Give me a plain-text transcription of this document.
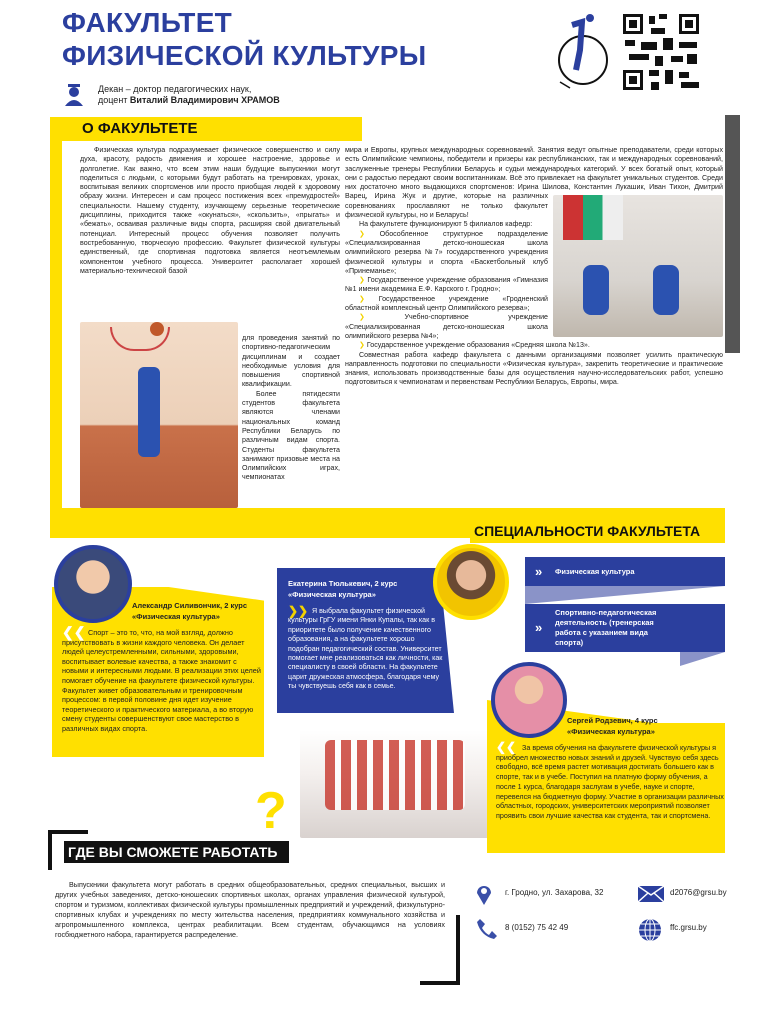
ФАКУЛЬТЕТ
ФИЗИЧЕСКОЙ КУЛЬТУРЫ
Декан – доктор педагогических наук,
доцент Виталий Владимирович ХРАМОВ
О ФАКУЛЬТЕТЕ

Физическая культура подразумевает физическое совершенство и силу духа, красоту, радость движения и хорошее настроение, здоровье и долголетие. Как важно, что всем этим наши будущие выпускники могут поделиться с людьми, с которыми будут работать на тренировках, уроках, воспитывая великих спортсменов или просто приобщая людей к здоровому образу жизни. Интересен и сам процесс постижения всех «премудростей» специальности. Нашему студенту, изучающему серьезные теоретические дисциплины, приходится также «окунаться», «скользить», «прыгать» и «бежать», осваивая различные виды спорта, расширяя свой двигательный потенциал. Интересный процесс обучения позволяет получить востребованную, творческую профессию. Факультет физической культуры единственный, где спортивная подготовка является неотъемлемым компонентом учебного процесса. Университет располагает хорошей материально-технической базой

для проведения занятий по спортивно-педагогическим дисциплинам и создает необходимые условия для повышения спортивной квалификации.

Более пятидесяти студентов факультета являются членами национальных команд Республики Беларусь по различным видам спорта. Студенты факультета занимают призовые места на Олимпийских играх, чемпионатах

мира и Европы, крупных международных соревнований. Занятия ведут опытные преподаватели, среди которых есть Олимпийские чемпионы, победители и призеры как республиканских, так и международных соревнований, заслуженные тренеры Республики Беларусь и судьи международных категорий. У всех богатый опыт, который они с радостью передают своим воспитанникам. Всё это привлекает на факультет уникальных студентов. Среди них достаточно много выдающихся спортсменов: Ирина Шилова, Константин Лукашик, Иван Тихон, Дмитрий Варец, Ирина Жук и другие, которые на различных соревнованиях прославляют не только факультет физической культуры, но и Беларусь!

На факультете функционируют 5 филиалов кафедр:

❯ Обособленное структурное подразделение «Специализированная детско-юношеская школа олимпийского резерва №7» государственного учреждения физической культуры и спорта «Баскетбольный клуб «Принеманье»;

❯ Государственное учреждение образования «Гимназия №1 имени академика Е.Ф. Карского г. Гродно»;

❯ Государственное учреждение «Гродненский областной комплексный центр Олимпийского резерва»;

❯ Учебно-спортивное учреждение «Специализированная детско-юношеская школа олимпийского резерва №4»;

❯ Государственное учреждение образования «Средняя школа №13».

Совместная работа кафедр факультета с данными организациями позволяет усилить практическую направленность подготовки по специальности «Физическая культура», закрепить теоретические и практические знания, использовать производственные базы для осуществления научно-исследовательских работ, успешно подготовиться к чемпионатам и первенствам Республики Беларусь, Европы, мира.

СПЕЦИАЛЬНОСТИ ФАКУЛЬТЕТА
» Физическая культура
»
Спортивно-педагогическая деятельность (тренерская работа с указанием вида спорта)
Александр Силивончик, 2 курс
«Физическая культура»
❮❮ Спорт – это то, что, на мой взгляд, должно присутствовать в жизни каждого человека. Он делает людей целеустремленными, сильными, здоровыми, воспитывает волевые качества, а также знакомит с новыми и интересными людьми. В реализации этих целей помогает обучение на факультете физической культуры. Факультет живет образовательным и тренировочным процессом: в первой половине дня идет изучение теоретического и практического материала, а во вторую смену студенты совершенствуют свое мастерство в различных видах спорта.
Екатерина Тюлькевич, 2 курс
«Физическая культура»
❯❯ Я выбрала факультет физической культуры ГрГУ имени Янки Купалы, так как в приоритете было получение качественного образования, а на факультете хорошо подобран педагогический состав. Университет помогает мне реализоваться как личности, как специалисту в своей области. На факультете царит дружеская атмосфера, благодаря чему ты чувствуешь себя как в семье.
?
Сергей Родзевич, 4 курс
«Физическая культура»
❮❮ За время обучения на факультете физической культуры я приобрел множество новых знаний и друзей. Чувствую себя здесь свободно, всё время растет мотивация достигать большего как в спорте, так и в учебе. Поступил на платную форму обучения, а после 1 курса, благодаря заслугам в учебе, науке и спорте, перевелся на бюджетную форму. Участие в организации различных областных, городских, университетских мероприятий позволяет проявить свои лучшие качества как студента, так и спортсмена.
ГДЕ ВЫ СМОЖЕТЕ РАБОТАТЬ
Выпускники факультета могут работать в средних общеобразовательных, средних специальных, высших и других учебных заведениях, детско-юношеских спортивных школах, органах управления физической культурой, спортом и туризмом, коллективах физической культуры промышленных предприятий и учреждений, физкультурно-спортивных клубах и учреждениях по месту жительства населения, предприятиях коммунального хозяйства и агропромышленного комплекса, центрах реабилитации. Всем студентам, обучающимся на условиях госбюджетного набора, гарантируется распределение.
г. Гродно, ул. Захарова, 32	d2076@grsu.by
8 (0152) 75 42 49	ffc.grsu.by
